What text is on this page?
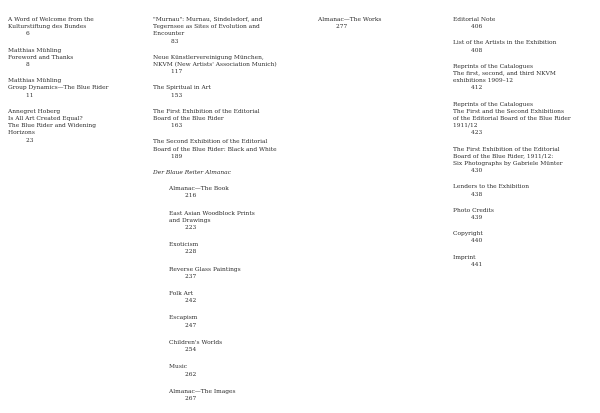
A Word of Welcome from the
Kulturstiftung des Bundes
6
Matthias Mühling
Foreword and Thanks
8
Matthias Mühling
Group Dynamics—The Blue Rider
11
Annegret Hoberg
Is All Art Created Equal?
The Blue Rider and Widening
Horizons
23
"Murnau": Murnau, Sindelsdorf, and
Tegernsee as Sites of Evolution and
Encounter
83
Neue Künstlervereinigung München,
NKVM (New Artists' Association Munich)
117
The Spiritual in Art
153
The First Exhibition of the Editorial
Board of the Blue Rider
163
The Second Exhibition of the Editorial
Board of the Blue Rider: Black and White
189
Der Blaue Reiter Almanac
Almanac—The Book
216
East Asian Woodblock Prints
and Drawings
223
Exoticism
228
Reverse Glass Paintings
237
Folk Art
242
Escapism
247
Children's Worlds
254
Music
262
Almanac—The Images
267
Almanac—The Works
277
Editorial Note
406
List of the Artists in the Exhibition
408
Reprints of the Catalogues
The first, second, and third NKVM
exhibitions 1909–12
412
Reprints of the Catalogues
The First and the Second Exhibitions
of the Editorial Board of the Blue Rider
1911/12
423
The First Exhibition of the Editorial
Board of the Blue Rider, 1911/12:
Six Photographs by Gabriele Münter
430
Lenders to the Exhibition
438
Photo Credits
439
Copyright
440
Imprint
441
